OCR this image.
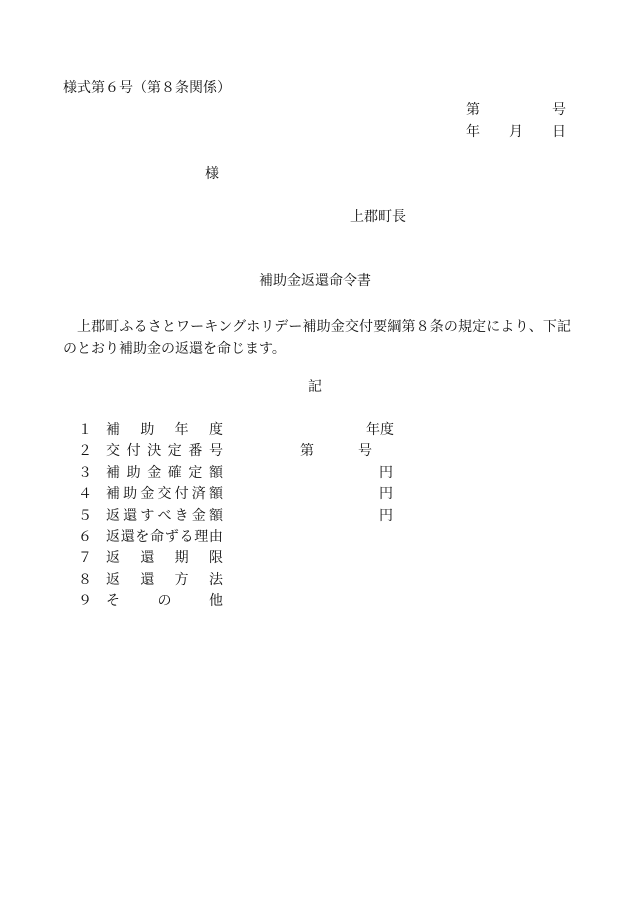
様式第６号（第８条関係）
第	号
年 月 日
様
上郡町長
補助金返還命令書
上郡町ふるさとワーキングホリデー補助金交付要綱第８条の規定により、下記のとおり補助金の返還を命じます。
記
１	補 助 年 度	年度
２	交 付 決 定 番 号	第	号
３	補 助 金 確 定 額	円
４	補 助 金 交 付 済 額	円
５	返 還 す べ き 金 額	円
６	返 還 を 命 ず る 理 由
７	返 還 期 限
８	返 還 方 法
９	そ	の	他
